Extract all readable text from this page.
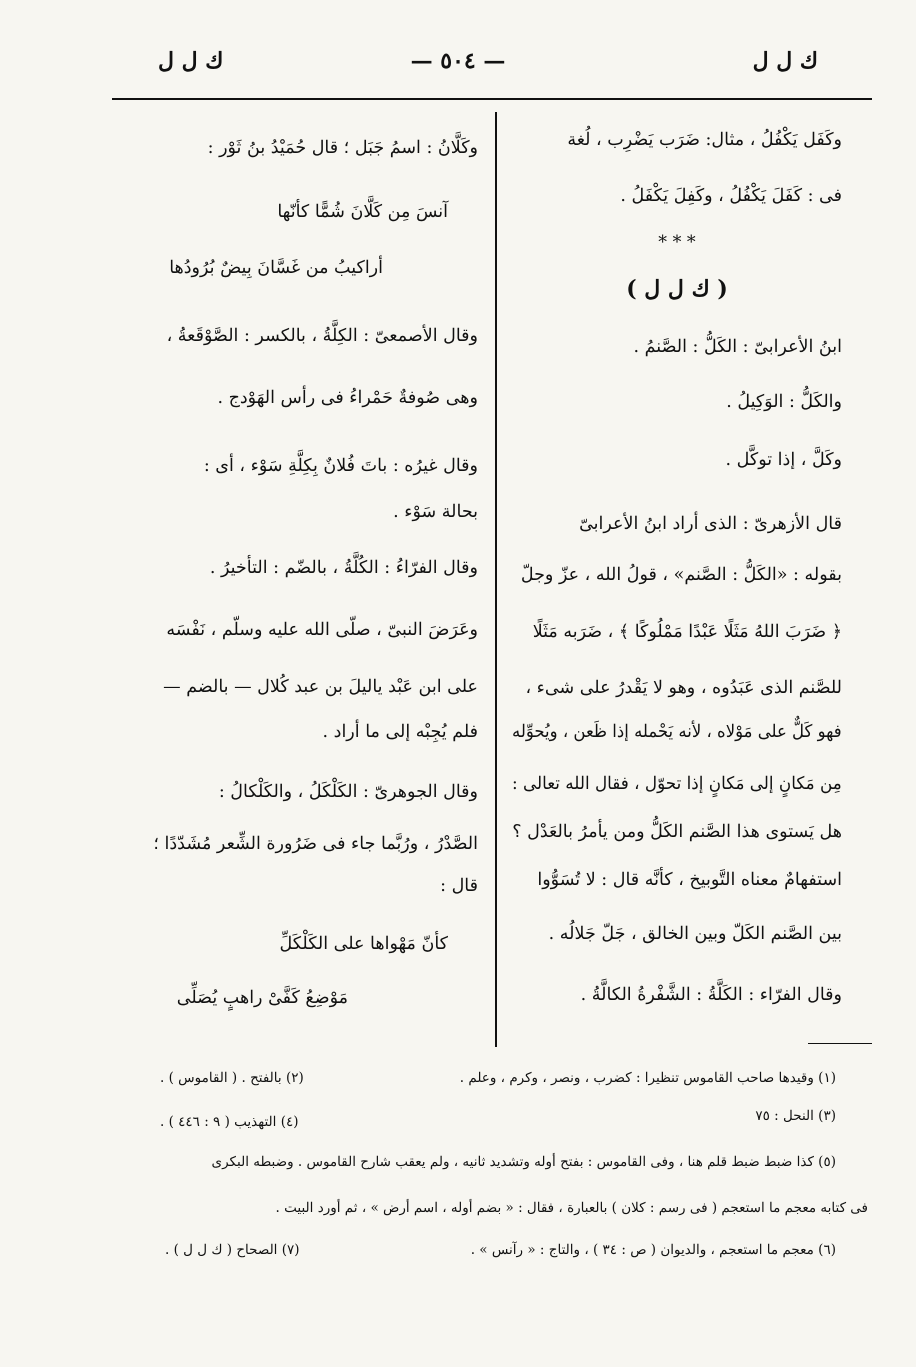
ك ل ل
— ٥٠٤ —
ك ل ل
وكَفَل يَكْفُلُ ، مثال: ضَرَب يَضْرِب ، لُغة
فى : كَفَلَ يَكْفُلُ ، وكَفِلَ يَكْفَلُ .
* * *
( ك ل ل )
ابنُ الأعرابىّ : الكَلُّ : الصَّنمُ .
والكَلُّ : الوَكِيلُ .
وكَلَّ ، إذا توكَّل .
قال الأزهرىّ : الذى أراد ابنُ الأعرابىّ
بقوله : «الكَلُّ : الصَّنم» ، قولُ الله ، عزّ وجلّ
﴿ ضَرَبَ اللهُ مَثَلًا عَبْدًا مَمْلُوكًا ﴾ ، ضَرَبه مَثَلًا
للصَّنم الذى عَبَدُوه ، وهو لا يَقْدرُ على شىء ،
فهو كَلٌّ على مَوْلاه ، لأنه يَحْمله إذا ظَعن ، ويُحوِّله
مِن مَكانٍ إلى مَكانٍ إذا تحوّل ، فقال الله تعالى :
هل يَستوى هذا الصَّنم الكَلُّ ومن يأمرُ بالعَدْل ؟
استفهامٌ معناه التَّوبيخ ، كأنَّه قال : لا تُسَوُّوا
بين الصَّنم الكَلّ وبين الخالق ، جَلّ جَلالُه .
وقال الفرّاء : الكَلَّةُ : الشَّفْرةُ الكالَّةُ .
وكَلَّانُ : اسمُ جَبَل ؛ قال حُمَيْدُ بنُ ثَوْر :
آنسَ مِن كَلَّانَ شُمًّا كأنّها
أراكيبُ من غَسَّانَ بِيضٌ بُرُودُها
وقال الأصمعىّ : الكِلَّةُ ، بالكسر : الصَّوْقَعةُ ،
وهى صُوفةٌ حَمْراءُ فى رأس الهَوْدج .
وقال غيرُه : باتَ فُلانٌ بِكِلَّةِ سَوْء ، أى :
بحالة سَوْء .
وقال الفرّاءُ : الكُلَّةُ ، بالضّم : التأخيرُ .
وعَرَضَ النبىّ ، صلّى الله عليه وسلّم ، نَفْسَه
على ابن عَبْد ياليلَ بن عبد كُلال — بالضم —
فلم يُجِبْه إلى ما أراد .
وقال الجوهرىّ : الكَلْكَلُ ، والكَلْكالُ :
الصَّدْرُ ، ورُبَّما جاء فى ضَرُورة الشِّعر مُشَدّدًا ؛
قال :
كأنّ مَهْواها على الكَلْكَلِّ
مَوْضِعُ كَفَّىْ راهبٍ يُصَلِّى
(١) وقيدها صاحب القاموس تنظيرا : كضرب ، ونصر ، وكرم ، وعلم .
(٢) بالفتح . ( القاموس ) .
(٣) النحل : ٧٥
(٤) التهذيب ( ٩ : ٤٤٦ ) .
(٥) كذا ضبط ضبط قلم هنا ، وفى القاموس : بفتح أوله وتشديد ثانيه ، ولم يعقب شارح القاموس . وضبطه البكرى
فى كتابه معجم ما استعجم ( فى رسم : كلان ) بالعبارة ، فقال : « بضم أوله ، اسم أرض » ، ثم أورد البيت .
(٦) معجم ما استعجم ، والديوان ( ص : ٣٤ ) ، والتاج : « رآنس » .
(٧) الصحاح ( ك ل ل ) .
